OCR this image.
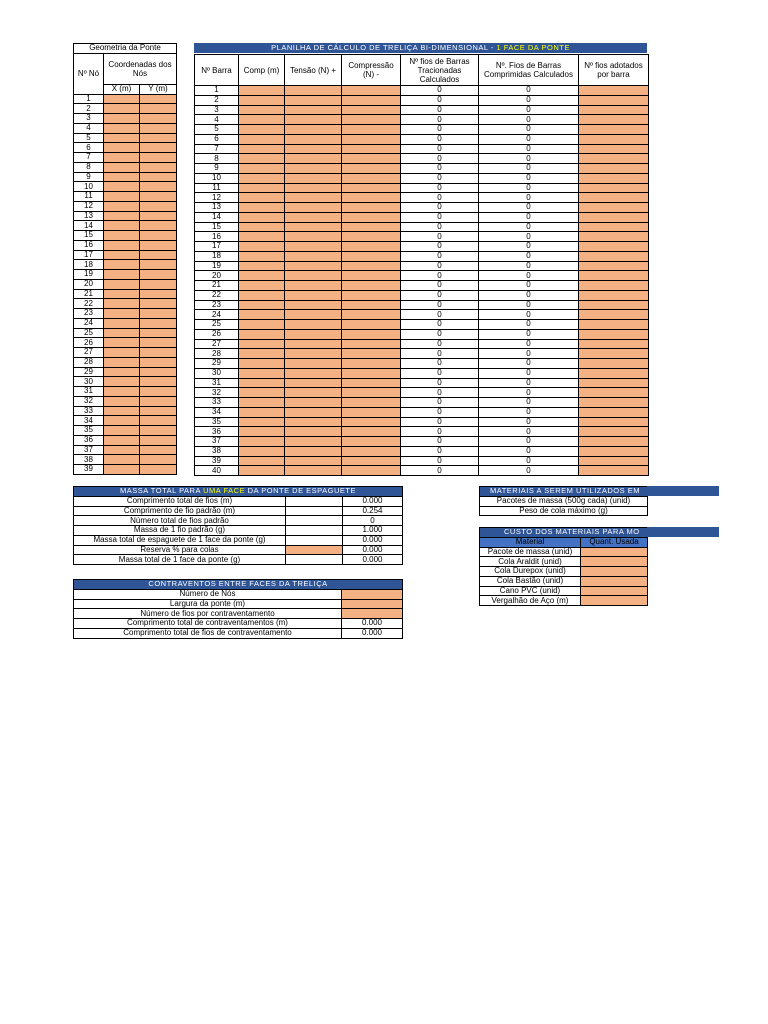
Geometria da Ponte		
Nº Nó	Coordenadas dos Nós	
	X (m)	Y (m)
1		
2		
3		
4		
5		
6		
7		
8		
9		
10		
11		
12		
13		
14		
15		
16		
17		
18		
19		
20		
21		
22		
23		
24		
25		
26		
27		
28		
29		
30		
31		
32		
33		
34		
35		
36		
37		
38		
39		
PLANILHA DE CÁLCULO DE TRELIÇA BI-DIMENSIONAL - 1 FACE DA PONTE
Nº Barra	Comp (m)	Tensão (N) +	Compressão (N) -	Nº fios de Barras Tracionadas Calculados	Nº. Fios de Barras Comprimidas Calculados	Nº fios adotados por barra
1				0	0	
2				0	0	
3				0	0	
4				0	0	
5				0	0	
6				0	0	
7				0	0	
8				0	0	
9				0	0	
10				0	0	
11				0	0	
12				0	0	
13				0	0	
14				0	0	
15				0	0	
16				0	0	
17				0	0	
18				0	0	
19				0	0	
20				0	0	
21				0	0	
22				0	0	
23				0	0	
24				0	0	
25				0	0	
26				0	0	
27				0	0	
28				0	0	
29				0	0	
30				0	0	
31				0	0	
32				0	0	
33				0	0	
34				0	0	
35				0	0	
36				0	0	
37				0	0	
38				0	0	
39				0	0	
40				0	0	
MASSA TOTAL PARA UMA FACE DA PONTE DE ESPAGUETE		
Comprimento total de fios (m)		0.000
Comprimento de fio padrão (m)		0.254
Número total de fios padrão		0
Massa de 1 fio padrão (g)		1.000
Massa total de espaguete de 1 face da ponte (g)		0.000
Reserva % para colas		0.000
Massa total de 1 face da ponte (g)		0.000
CONTRAVENTOS ENTRE FACES DA TRELIÇA	
Número de Nós	
Largura da ponte (m)	
Número de fios por contraventamento	
Comprimento total de contraventamentos (m)	0.000
Comprimento total de fios de contraventamento	0.000
MATERIAIS A SEREM UTILIZADOS EM
Pacotes de massa (500g cada) (unid)
Peso de cola máximo (g)
CUSTO DOS MATERIAIS PARA MO	
Material	Quant. Usada
Pacote de massa (unid)	
Cola Araldit (unid)	
Cola Durepox (unid)	
Cola Bastão (unid)	
Cano PVC (unid)	
Vergalhão de Aço (m)	
